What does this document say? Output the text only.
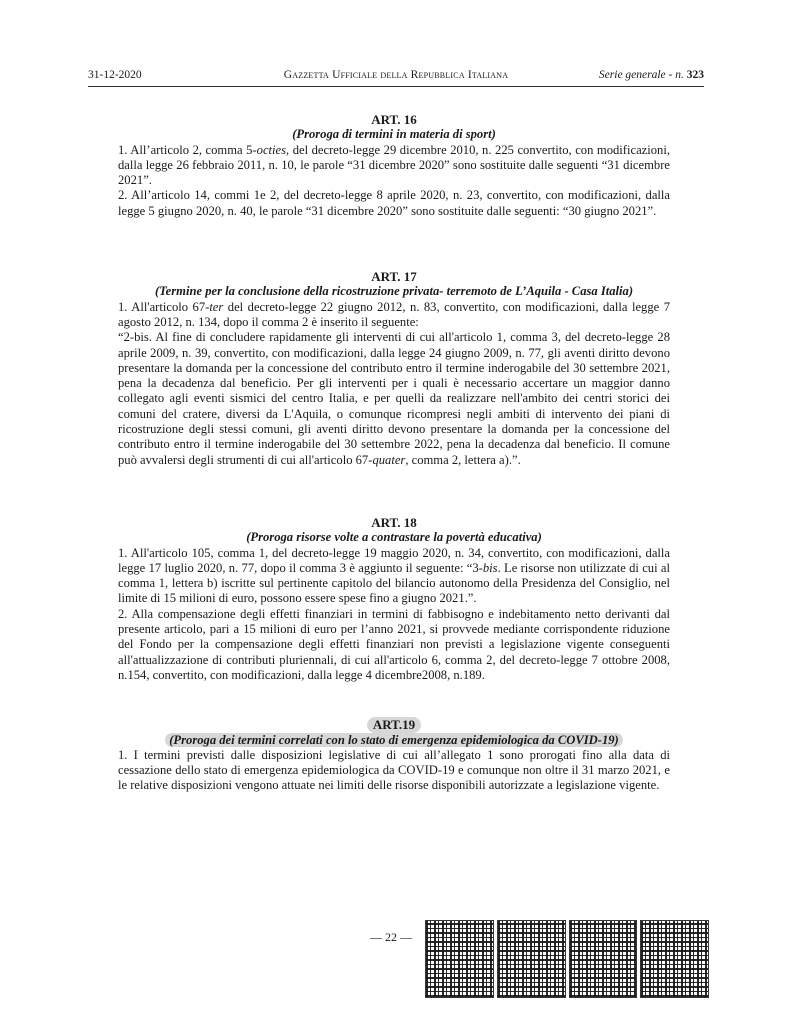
31-12-2020	Gazzetta Ufficiale della Repubblica Italiana	Serie generale - n. 323
ART. 16
(Proroga di termini in materia di sport)

1. All’articolo 2, comma 5-octies, del decreto-legge 29 dicembre 2010, n. 225 convertito, con modificazioni, dalla legge 26 febbraio 2011, n. 10, le parole “31 dicembre 2020” sono sostituite dalle seguenti “31 dicembre 2021”.

2. All’articolo 14, commi 1e 2, del decreto-legge 8 aprile 2020, n. 23, convertito, con modificazioni, dalla legge 5 giugno 2020, n. 40, le parole “31 dicembre 2020” sono sostituite dalle seguenti: “30 giugno 2021”.

ART. 17
(Termine per la conclusione della ricostruzione privata- terremoto de L’Aquila - Casa Italia)

1. All'articolo 67-ter del decreto-legge 22 giugno 2012, n. 83, convertito, con modificazioni, dalla legge 7 agosto 2012, n. 134, dopo il comma 2 è inserito il seguente:

“2-bis. Al fine di concludere rapidamente gli interventi di cui all'articolo 1, comma 3, del decreto-legge 28 aprile 2009, n. 39, convertito, con modificazioni, dalla legge 24 giugno 2009, n. 77, gli aventi diritto devono presentare la domanda per la concessione del contributo entro il termine inderogabile del 30 settembre 2021, pena la decadenza dal beneficio. Per gli interventi per i quali è necessario accertare un maggior danno collegato agli eventi sismici del centro Italia, e per quelli da realizzare nell'ambito dei centri storici dei comuni del cratere, diversi da L'Aquila, o comunque ricompresi negli ambiti di intervento dei piani di ricostruzione degli stessi comuni, gli aventi diritto devono presentare la domanda per la concessione del contributo entro il termine inderogabile del 30 settembre 2022, pena la decadenza dal beneficio. Il comune può avvalersi degli strumenti di cui all'articolo 67-quater, comma 2, lettera a).”.

ART. 18
(Proroga risorse volte a contrastare la povertà educativa)

1. All'articolo 105, comma 1, del decreto-legge 19 maggio 2020, n. 34, convertito, con modificazioni, dalla legge 17 luglio 2020, n. 77, dopo il comma 3 è aggiunto il seguente: “3-bis. Le risorse non utilizzate di cui al comma 1, lettera b) iscritte sul pertinente capitolo del bilancio autonomo della Presidenza del Consiglio, nel limite di 15 milioni di euro, possono essere spese fino a giugno 2021.”.

2. Alla compensazione degli effetti finanziari in termini di fabbisogno e indebitamento netto derivanti dal presente articolo, pari a 15 milioni di euro per l’anno 2021, si provvede mediante corrispondente riduzione del Fondo per la compensazione degli effetti finanziari non previsti a legislazione vigente conseguenti all'attualizzazione di contributi pluriennali, di cui all'articolo 6, comma 2, del decreto-legge 7 ottobre 2008, n.154, convertito, con modificazioni, dalla legge 4 dicembre2008, n.189.

ART.19
(Proroga dei termini correlati con lo stato di emergenza epidemiologica da COVID-19)

1. I termini previsti dalle disposizioni legislative di cui all’allegato 1 sono prorogati fino alla data di cessazione dello stato di emergenza epidemiologica da COVID-19 e comunque non oltre il 31 marzo 2021, e le relative disposizioni vengono attuate nei limiti delle risorse disponibili autorizzate a legislazione vigente.

— 22 —
